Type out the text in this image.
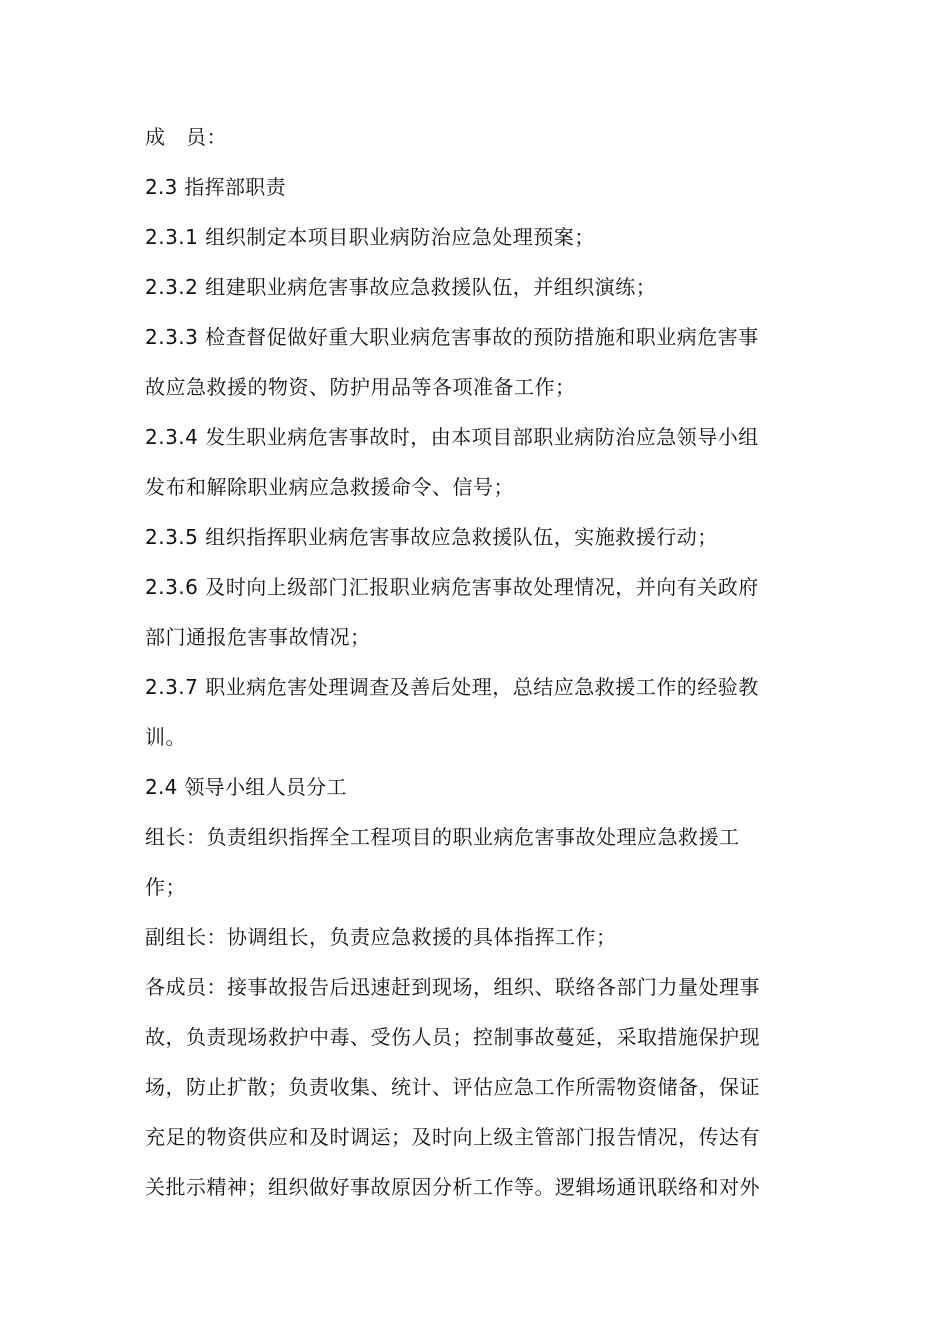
成　员：
2.3 指挥部职责
2.3.1 组织制定本项目职业病防治应急处理预案；
2.3.2 组建职业病危害事故应急救援队伍，并组织演练；
2.3.3 检查督促做好重大职业病危害事故的预防措施和职业病危害事
故应急救援的物资、防护用品等各项准备工作；
2.3.4 发生职业病危害事故时，由本项目部职业病防治应急领导小组
发布和解除职业病应急救援命令、信号；
2.3.5 组织指挥职业病危害事故应急救援队伍，实施救援行动；
2.3.6 及时向上级部门汇报职业病危害事故处理情况，并向有关政府
部门通报危害事故情况；
2.3.7 职业病危害处理调查及善后处理，总结应急救援工作的经验教
训。
2.4 领导小组人员分工
组长：负责组织指挥全工程项目的职业病危害事故处理应急救援工
作；
副组长：协调组长，负责应急救援的具体指挥工作；
各成员：接事故报告后迅速赶到现场，组织、联络各部门力量处理事
故，负责现场救护中毒、受伤人员；控制事故蔓延，采取措施保护现
场，防止扩散；负责收集、统计、评估应急工作所需物资储备，保证
充足的物资供应和及时调运；及时向上级主管部门报告情况，传达有
关批示精神；组织做好事故原因分析工作等。逻辑场通讯联络和对外
